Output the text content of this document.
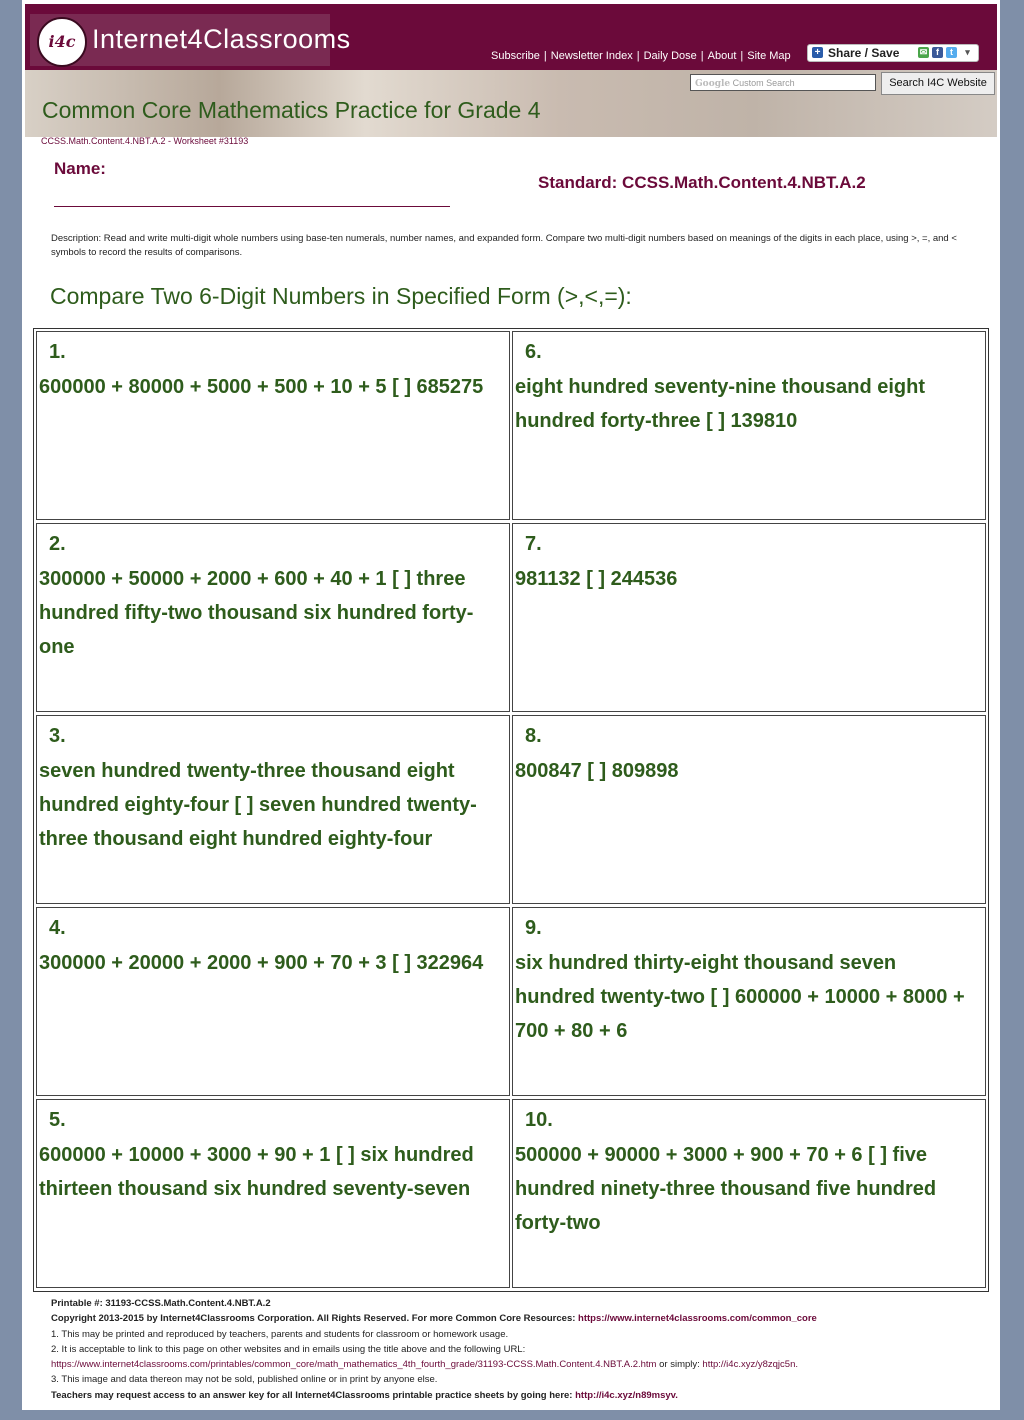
i4c Internet4Classrooms
Subscribe | Newsletter Index | Daily Dose | About | Site Map + Share / Save ✉ f	t	▾
Google Custom Search	Search I4C Website
Common Core Mathematics Practice for Grade 4
CCSS.Math.Content.4.NBT.A.2 - Worksheet #31193
Name:
Standard: CCSS.Math.Content.4.NBT.A.2
Description: Read and write multi-digit whole numbers using base-ten numerals, number names, and expanded form. Compare two multi-digit numbers based on meanings of the digits in each place, using >, =, and < symbols to record the results of comparisons.
Compare Two 6-Digit Numbers in Specified Form (>,<,=):
1.
600000 + 80000 + 5000 + 500 + 10 + 5 [ ] 685275
2.
300000 + 50000 + 2000 + 600 + 40 + 1 [ ] three hundred fifty-two thousand six hundred forty-one
3.
seven hundred twenty-three thousand eight hundred eighty-four [ ] seven hundred twenty-three thousand eight hundred eighty-four
4.
300000 + 20000 + 2000 + 900 + 70 + 3 [ ] 322964
5.
600000 + 10000 + 3000 + 90 + 1 [ ] six hundred thirteen thousand six hundred seventy-seven
6.
eight hundred seventy-nine thousand eight hundred forty-three [ ] 139810
7.
981132 [ ] 244536
8.
800847 [ ] 809898
9.
six hundred thirty-eight thousand seven hundred twenty-two [ ] 600000 + 10000 + 8000 + 700 + 80 + 6
10.
500000 + 90000 + 3000 + 900 + 70 + 6 [ ] five hundred ninety-three thousand five hundred forty-two
Printable #: 31193-CCSS.Math.Content.4.NBT.A.2
Copyright 2013-2015 by Internet4Classrooms Corporation. All Rights Reserved. For more Common Core Resources: https://www.internet4classrooms.com/common_core
1. This may be printed and reproduced by teachers, parents and students for classroom or homework usage.
2. It is acceptable to link to this page on other websites and in emails using the title above and the following URL:
https://www.internet4classrooms.com/printables/common_core/math_mathematics_4th_fourth_grade/31193-CCSS.Math.Content.4.NBT.A.2.htm or simply: http://i4c.xyz/y8zqjc5n.
3. This image and data thereon may not be sold, published online or in print by anyone else.
Teachers may request access to an answer key for all Internet4Classrooms printable practice sheets by going here: http://i4c.xyz/n89msyv.
